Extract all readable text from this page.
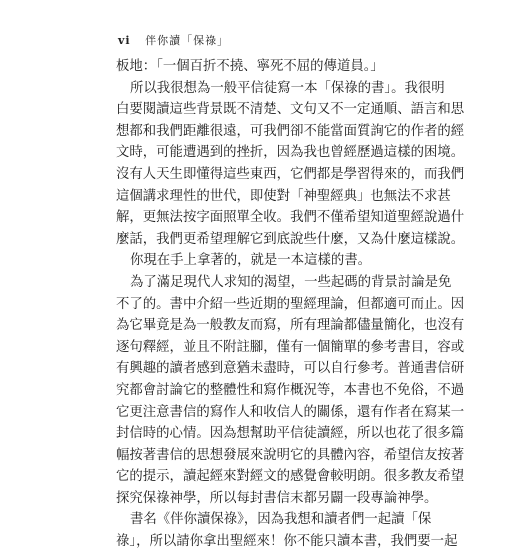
vi 伴你讀「保祿」
板地：「一個百折不撓、寧死不屈的傳道員。」
所以我很想為一般平信徒寫一本「保祿的書」。我很明
白要閱讀這些背景既不清楚、文句又不一定通順、語言和思
想都和我們距離很遠，可我們卻不能當面質詢它的作者的經
文時，可能遭遇到的挫折，因為我也曾經歷過這樣的困境。
沒有人天生即懂得這些東西，它們都是學習得來的，而我們
這個講求理性的世代，即使對「神聖經典」也無法不求甚
解，更無法按字面照單全收。我們不僅希望知道聖經說過什
麼話，我們更希望理解它到底說些什麼，又為什麼這樣說。
你現在手上拿著的，就是一本這樣的書。
為了滿足現代人求知的渴望，一些起碼的背景討論是免
不了的。書中介紹一些近期的聖經理論，但都適可而止。因
為它畢竟是為一般教友而寫，所有理論都儘量簡化，也沒有
逐句釋經，並且不附註腳，僅有一個簡單的參考書目，容或
有興趣的讀者感到意猶未盡時，可以自行參考。普通書信研
究都會討論它的整體性和寫作概況等，本書也不免俗，不過
它更注意書信的寫作人和收信人的關係，還有作者在寫某一
封信時的心情。因為想幫助平信徒讀經，所以也花了很多篇
幅按著書信的思想發展來說明它的具體內容，希望信友按著
它的提示，讀起經來對經文的感覺會較明朗。很多教友希望
探究保祿神學，所以每封書信末都另闢一段專論神學。
書名《伴你讀保祿》，因為我想和讀者們一起讀「保
祿」，所以請你拿出聖經來！你不能只讀本書，我們要一起
